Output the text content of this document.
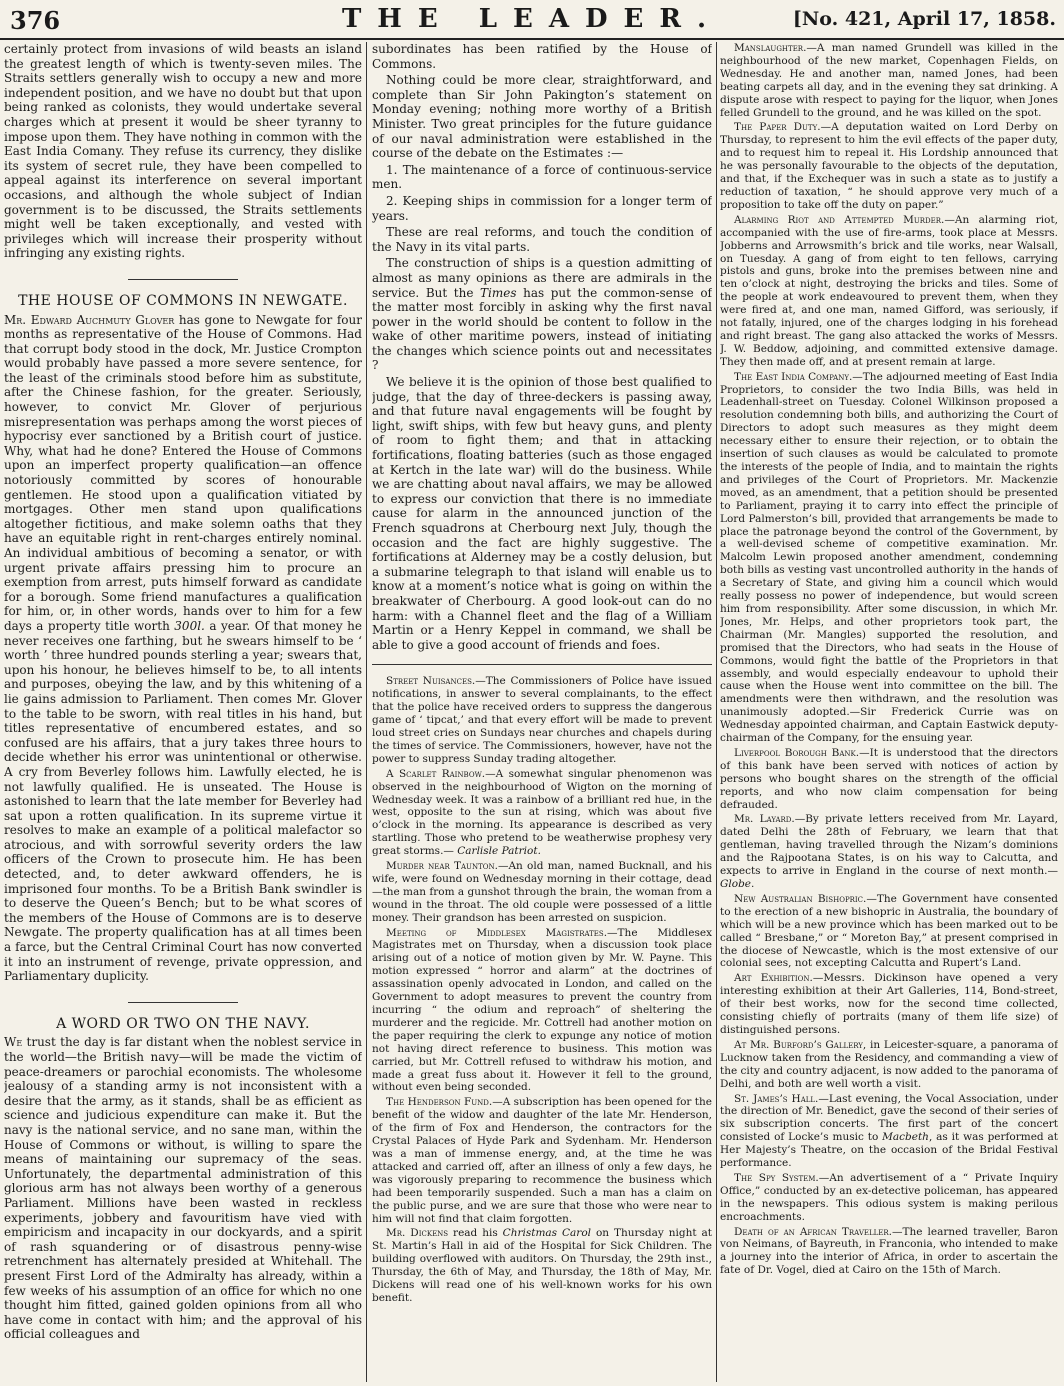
376	THE LEADER.	[No. 421, April 17, 1858.

certainly protect from invasions of wild beasts an island the greatest length of which is twenty-seven miles. The Straits settlers generally wish to occupy a new and more independent position, and we have no doubt but that upon being ranked as colonists, they would undertake several charges which at present it would be sheer tyranny to impose upon them. They have nothing in common with the East India Comany. They refuse its currency, they dislike its system of secret rule, they have been compelled to appeal against its interference on several important occasions, and although the whole subject of Indian government is to be discussed, the Straits settlements might well be taken exceptionally, and vested with privileges which will increase their prosperity without infringing any existing rights.

THE HOUSE OF COMMONS IN NEWGATE.

Mr. Edward Auchmuty Glover has gone to Newgate for four months as representative of the House of Commons. Had that corrupt body stood in the dock, Mr. Justice Crompton would probably have passed a more severe sentence, for the least of the criminals stood before him as substitute, after the Chinese fashion, for the greater. Seriously, however, to convict Mr. Glover of perjurious misrepresentation was perhaps among the worst pieces of hypocrisy ever sanctioned by a British court of justice. Why, what had he done? Entered the House of Commons upon an imperfect property qualification—an offence notoriously committed by scores of honourable gentlemen. He stood upon a qualification vitiated by mortgages. Other men stand upon qualifications altogether fictitious, and make solemn oaths that they have an equitable right in rent-charges entirely nominal. An individual ambitious of becoming a senator, or with urgent private affairs pressing him to procure an exemption from arrest, puts himself forward as candidate for a borough. Some friend manufactures a qualification for him, or, in other words, hands over to him for a few days a property title worth 300l. a year. Of that money he never receives one farthing, but he swears himself to be ‘ worth ’ three hundred pounds sterling a year; swears that, upon his honour, he believes himself to be, to all intents and purposes, obeying the law, and by this whitening of a lie gains admission to Parliament. Then comes Mr. Glover to the table to be sworn, with real titles in his hand, but titles representative of encumbered estates, and so confused are his affairs, that a jury takes three hours to decide whether his error was unintentional or otherwise. A cry from Beverley follows him. Lawfully elected, he is not lawfully qualified. He is unseated. The House is astonished to learn that the late member for Beverley had sat upon a rotten qualification. In its supreme virtue it resolves to make an example of a political malefactor so atrocious, and with sorrowful severity orders the law officers of the Crown to prosecute him. He has been detected, and, to deter awkward offenders, he is imprisoned four months. To be a British Bank swindler is to deserve the Queen’s Bench; but to be what scores of the members of the House of Commons are is to deserve Newgate. The property qualification has at all times been a farce, but the Central Criminal Court has now converted it into an instrument of revenge, private oppression, and Parliamentary duplicity.

A WORD OR TWO ON THE NAVY.

We trust the day is far distant when the noblest service in the world—the British navy—will be made the victim of peace-dreamers or parochial economists. The wholesome jealousy of a standing army is not inconsistent with a desire that the army, as it stands, shall be as efficient as science and judicious expenditure can make it. But the navy is the national service, and no sane man, within the House of Commons or without, is willing to spare the means of maintaining our supremacy of the seas. Unfortunately, the departmental administration of this glorious arm has not always been worthy of a generous Parliament. Millions have been wasted in reckless experiments, jobbery and favouritism have vied with empiricism and incapacity in our dockyards, and a spirit of rash squandering or of disastrous penny-wise retrenchment has alternately presided at Whitehall. The present First Lord of the Admiralty has already, within a few weeks of his assumption of an office for which no one thought him fitted, gained golden opinions from all who have come in contact with him; and the approval of his official colleagues and

subordinates has been ratified by the House of Commons.

Nothing could be more clear, straightforward, and complete than Sir John Pakington’s statement on Monday evening; nothing more worthy of a British Minister. Two great principles for the future guidance of our naval administration were established in the course of the debate on the Estimates :—

1. The maintenance of a force of continuous-service men.

2. Keeping ships in commission for a longer term of years.

These are real reforms, and touch the condition of the Navy in its vital parts.

The construction of ships is a question admitting of almost as many opinions as there are admirals in the service. But the Times has put the common-sense of the matter most forcibly in asking why the first naval power in the world should be content to follow in the wake of other maritime powers, instead of initiating the changes which science points out and necessitates ?

We believe it is the opinion of those best qualified to judge, that the day of three-deckers is passing away, and that future naval engagements will be fought by light, swift ships, with few but heavy guns, and plenty of room to fight them; and that in attacking fortifications, floating batteries (such as those engaged at Kertch in the late war) will do the business. While we are chatting about naval affairs, we may be allowed to express our conviction that there is no immediate cause for alarm in the announced junction of the French squadrons at Cherbourg next July, though the occasion and the fact are highly suggestive. The fortifications at Alderney may be a costly delusion, but a submarine telegraph to that island will enable us to know at a moment’s notice what is going on within the breakwater of Cherbourg. A good look-out can do no harm: with a Channel fleet and the flag of a William Martin or a Henry Keppel in command, we shall be able to give a good account of friends and foes.

Street Nuisances.—The Commissioners of Police have issued notifications, in answer to several complainants, to the effect that the police have received orders to suppress the dangerous game of ‘ tipcat,’ and that every effort will be made to prevent loud street cries on Sundays near churches and chapels during the times of service. The Commissioners, however, have not the power to suppress Sunday trading altogether.

A Scarlet Rainbow.—A somewhat singular phenomenon was observed in the neighbourhood of Wigton on the morning of Wednesday week. It was a rainbow of a brilliant red hue, in the west, opposite to the sun at rising, which was about five o’clock in the morning. Its appearance is described as very startling. Those who pretend to be weatherwise prophesy very great storms.— Carlisle Patriot.

Murder near Taunton.—An old man, named Bucknall, and his wife, were found on Wednesday morning in their cottage, dead—the man from a gunshot through the brain, the woman from a wound in the throat. The old couple were possessed of a little money. Their grandson has been arrested on suspicion.

Meeting of Middlesex Magistrates.—The Middlesex Magistrates met on Thursday, when a discussion took place arising out of a notice of motion given by Mr. W. Payne. This motion expressed “ horror and alarm” at the doctrines of assassination openly advocated in London, and called on the Government to adopt measures to prevent the country from incurring “ the odium and reproach” of sheltering the murderer and the regicide. Mr. Cottrell had another motion on the paper requiring the clerk to expunge any notice of motion not having direct reference to business. This motion was carried, but Mr. Cottrell refused to withdraw his motion, and made a great fuss about it. However it fell to the ground, without even being seconded.

The Henderson Fund.—A subscription has been opened for the benefit of the widow and daughter of the late Mr. Henderson, of the firm of Fox and Henderson, the contractors for the Crystal Palaces of Hyde Park and Sydenham. Mr. Henderson was a man of immense energy, and, at the time he was attacked and carried off, after an illness of only a few days, he was vigorously preparing to recommence the business which had been temporarily suspended. Such a man has a claim on the public purse, and we are sure that those who were near to him will not find that claim forgotten.

Mr. Dickens read his Christmas Carol on Thursday night at St. Martin’s Hall in aid of the Hospital for Sick Children. The building overflowed with auditors. On Thursday, the 29th inst., Thursday, the 6th of May, and Thursday, the 18th of May, Mr. Dickens will read one of his well-known works for his own benefit.

Manslaughter.—A man named Grundell was killed in the neighbourhood of the new market, Copenhagen Fields, on Wednesday. He and another man, named Jones, had been beating carpets all day, and in the evening they sat drinking. A dispute arose with respect to paying for the liquor, when Jones felled Grundell to the ground, and he was killed on the spot.

The Paper Duty.—A deputation waited on Lord Derby on Thursday, to represent to him the evil effects of the paper duty, and to request him to repeal it. His Lordship announced that he was personally favourable to the objects of the deputation, and that, if the Exchequer was in such a state as to justify a reduction of taxation, “ he should approve very much of a proposition to take off the duty on paper.”

Alarming Riot and Attempted Murder.—An alarming riot, accompanied with the use of fire-arms, took place at Messrs. Jobberns and Arrowsmith’s brick and tile works, near Walsall, on Tuesday. A gang of from eight to ten fellows, carrying pistols and guns, broke into the premises between nine and ten o’clock at night, destroying the bricks and tiles. Some of the people at work endeavoured to prevent them, when they were fired at, and one man, named Gifford, was seriously, if not fatally, injured, one of the charges lodging in his forehead and right breast. The gang also attacked the works of Messrs. J. W. Beddow, adjoining, and committed extensive damage. They then made off, and at present remain at large.

The East India Company.—The adjourned meeting of East India Proprietors, to consider the two India Bills, was held in Leadenhall-street on Tuesday. Colonel Wilkinson proposed a resolution condemning both bills, and authorizing the Court of Directors to adopt such measures as they might deem necessary either to ensure their rejection, or to obtain the insertion of such clauses as would be calculated to promote the interests of the people of India, and to maintain the rights and privileges of the Court of Proprietors. Mr. Mackenzie moved, as an amendment, that a petition should be presented to Parliament, praying it to carry into effect the principle of Lord Palmerston’s bill, provided that arrangements be made to place the patronage beyond the control of the Government, by a well-devised scheme of competitive examination. Mr. Malcolm Lewin proposed another amendment, condemning both bills as vesting vast uncontrolled authority in the hands of a Secretary of State, and giving him a council which would really possess no power of independence, but would screen him from responsibility. After some discussion, in which Mr. Jones, Mr. Helps, and other proprietors took part, the Chairman (Mr. Mangles) supported the resolution, and promised that the Directors, who had seats in the House of Commons, would fight the battle of the Proprietors in that assembly, and would especially endeavour to uphold their cause when the House went into committee on the bill. The amendments were then withdrawn, and the resolution was unanimously adopted.—Sir Frederick Currie was on Wednesday appointed chairman, and Captain Eastwick deputy-chairman of the Company, for the ensuing year.

Liverpool Borough Bank.—It is understood that the directors of this bank have been served with notices of action by persons who bought shares on the strength of the official reports, and who now claim compensation for being defrauded.

Mr. Layard.—By private letters received from Mr. Layard, dated Delhi the 28th of February, we learn that that gentleman, having travelled through the Nizam’s dominions and the Rajpootana States, is on his way to Calcutta, and expects to arrive in England in the course of next month.—Globe.

New Australian Bishopric.—The Government have consented to the erection of a new bishopric in Australia, the boundary of which will be a new province which has been marked out to be called “ Bresbane,” or “ Moreton Bay,” at present comprised in the diocese of Newcastle, which is the most extensive of our colonial sees, not excepting Calcutta and Rupert’s Land.

Art Exhibition.—Messrs. Dickinson have opened a very interesting exhibition at their Art Galleries, 114, Bond-street, of their best works, now for the second time collected, consisting chiefly of portraits (many of them life size) of distinguished persons.

At Mr. Burford’s Gallery, in Leicester-square, a panorama of Lucknow taken from the Residency, and commanding a view of the city and country adjacent, is now added to the panorama of Delhi, and both are well worth a visit.

St. James’s Hall.—Last evening, the Vocal Association, under the direction of Mr. Benedict, gave the second of their series of six subscription concerts. The first part of the concert consisted of Locke’s music to Macbeth, as it was performed at Her Majesty’s Theatre, on the occasion of the Bridal Festival performance.

The Spy System.—An advertisement of a “ Private Inquiry Office,” conducted by an ex-detective policeman, has appeared in the newspapers. This odious system is making perilous encroachments.

Death of an African Traveller.—The learned traveller, Baron von Neimans, of Bayreuth, in Franconia, who intended to make a journey into the interior of Africa, in order to ascertain the fate of Dr. Vogel, died at Cairo on the 15th of March.
